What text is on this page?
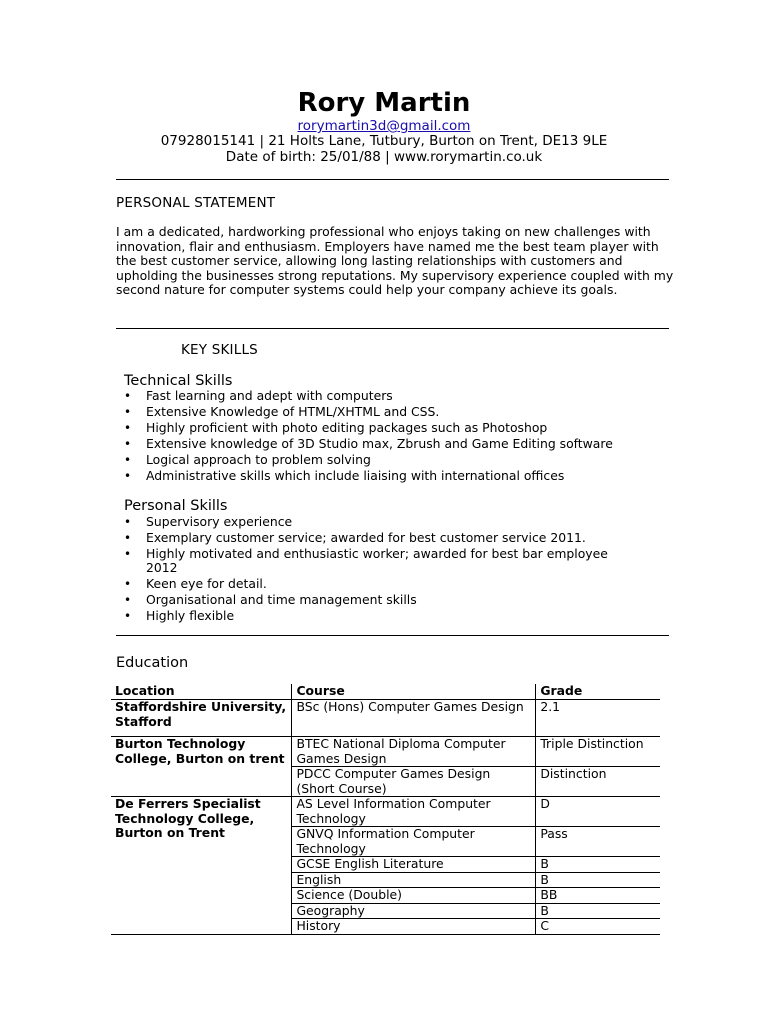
Rory Martin
rorymartin3d@gmail.com
07928015141 | 21 Holts Lane, Tutbury, Burton on Trent, DE13 9LE
Date of birth: 25/01/88 | www.rorymartin.co.uk
PERSONAL STATEMENT

I am a dedicated, hardworking professional who enjoys taking on new challenges with innovation, flair and enthusiasm. Employers have named me the best team player with the best customer service, allowing long lasting relationships with customers and upholding the businesses strong reputations. My supervisory experience coupled with my second nature for computer systems could help your company achieve its goals.

KEY SKILLS
Technical Skills
• Fast learning and adept with computers
• Extensive Knowledge of HTML/XHTML and CSS.
• Highly proficient with photo editing packages such as Photoshop
• Extensive knowledge of 3D Studio max, Zbrush and Game Editing software
• Logical approach to problem solving
• Administrative skills which include liaising with international offices
Personal Skills
• Supervisory experience
• Exemplary customer service; awarded for best customer service 2011.
• Highly motivated and enthusiastic worker; awarded for best bar employee 2012
• Keen eye for detail.
• Organisational and time management skills
• Highly flexible
Education
Location	Course	Grade
Staffordshire University, Stafford	BSc (Hons) Computer Games Design	2.1
Burton Technology College, Burton on trent	BTEC National Diploma Computer Games Design	Triple Distinction
	PDCC Computer Games Design (Short Course)	Distinction
De Ferrers Specialist Technology College, Burton on Trent	AS Level Information Computer Technology	D
	GNVQ Information Computer Technology	Pass
	GCSE English Literature	B
	English	B
	Science (Double)	BB
	Geography	B
	History	C
